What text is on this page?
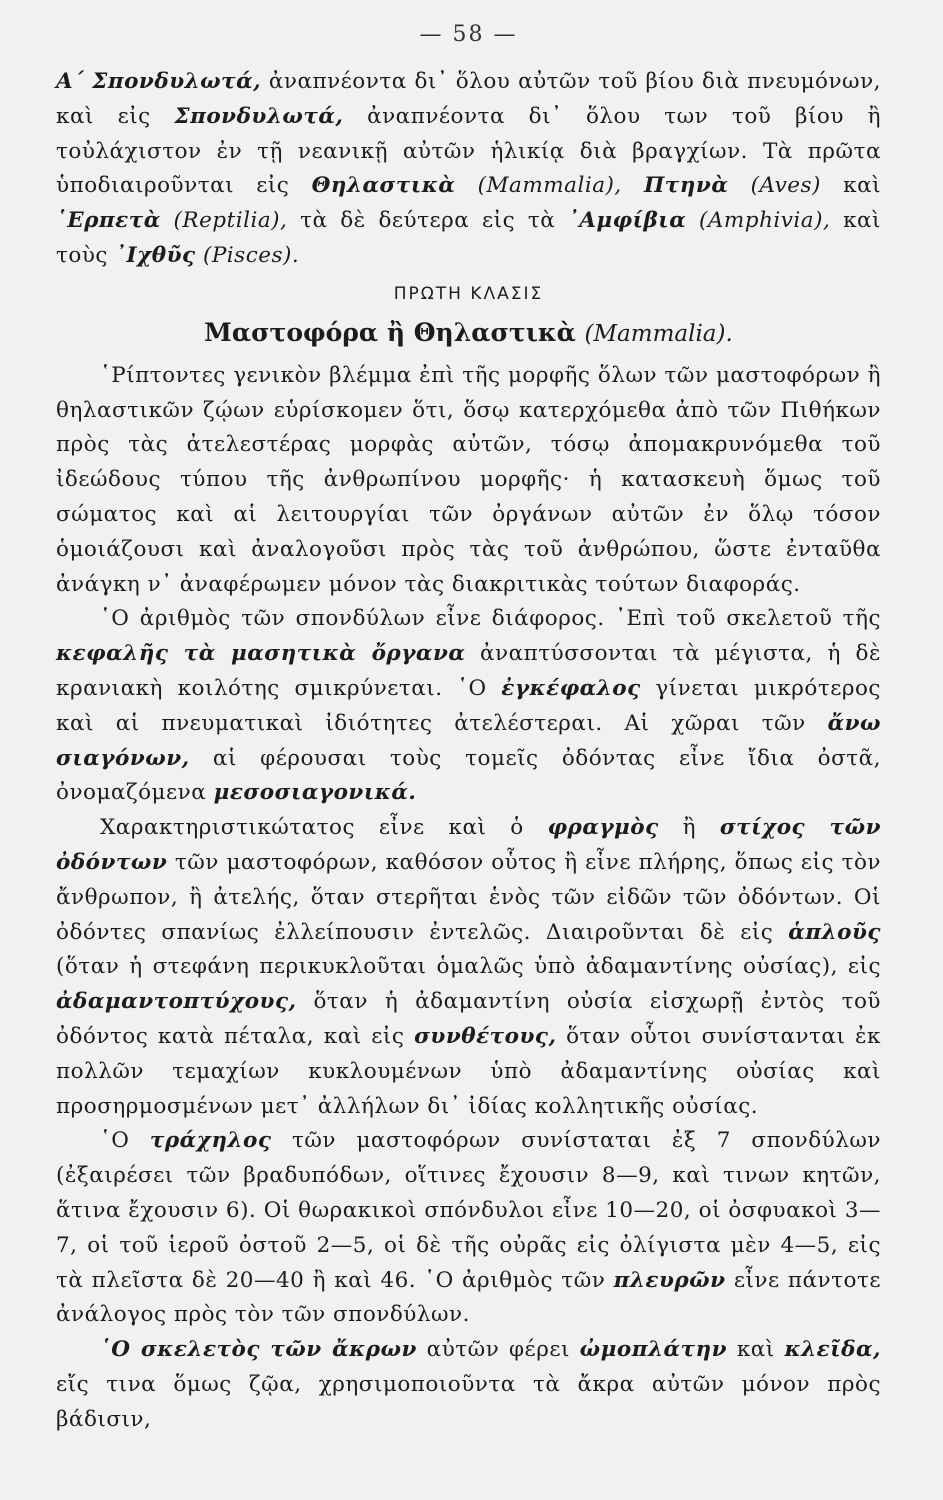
— 58 —

Α΄ Σπονδυλωτά, ἀναπνέοντα δι᾽ ὅλου αὐτῶν τοῦ βίου διὰ πνευμόνων, καὶ εἰς Σπονδυλωτά, ἀναπνέοντα δι᾽ ὅλου των τοῦ βίου ἢ τοὐλάχιστον ἐν τῇ νεανικῇ αὐτῶν ἡλικίᾳ διὰ βραγχίων. Τὰ πρῶτα ὑποδιαιροῦνται εἰς Θηλαστικὰ (Mammalia), Πτηνὰ (Aves) καὶ ῾Ερπετὰ (Reptilia), τὰ δὲ δεύτερα εἰς τὰ ᾽Αμφίβια (Amphivia), καὶ τοὺς ᾽Ιχθῦς (Pisces).

ΠΡΩΤΗ ΚΛΑΣΙΣ
Μαστοφόρα ἢ Θηλαστικὰ (Mammalia).

῾Ρίπτοντες γενικὸν βλέμμα ἐπὶ τῆς μορφῆς ὅλων τῶν μαστοφόρων ἢ θηλαστικῶν ζῴων εὑρίσκομεν ὅτι, ὅσῳ κατερχόμεθα ἀπὸ τῶν Πιθήκων πρὸς τὰς ἀτελεστέρας μορφὰς αὐτῶν, τόσῳ ἀπομακρυνόμεθα τοῦ ἰδεώδους τύπου τῆς ἀνθρωπίνου μορφῆς· ἡ κατασκευὴ ὅμως τοῦ σώματος καὶ αἱ λειτουργίαι τῶν ὀργάνων αὐτῶν ἐν ὅλῳ τόσον ὁμοιάζουσι καὶ ἀναλογοῦσι πρὸς τὰς τοῦ ἀνθρώπου, ὥστε ἐνταῦθα ἀνάγκη ν᾽ ἀναφέρωμεν μόνον τὰς διακριτικὰς τούτων διαφοράς.

῾Ο ἀριθμὸς τῶν σπονδύλων εἶνε διάφορος. ᾽Επὶ τοῦ σκελετοῦ τῆς κεφαλῆς τὰ μασητικὰ ὄργανα ἀναπτύσσονται τὰ μέγιστα, ἡ δὲ κρανιακὴ κοιλότης σμικρύνεται. ῾Ο ἐγκέφαλος γίνεται μικρότερος καὶ αἱ πνευματικαὶ ἰδιότητες ἀτελέστεραι. Αἱ χῶραι τῶν ἄνω σιαγόνων, αἱ φέρουσαι τοὺς τομεῖς ὀδόντας εἶνε ἴδια ὀστᾶ, ὀνομαζόμενα μεσοσιαγονικά.

Χαρακτηριστικώτατος εἶνε καὶ ὁ φραγμὸς ἢ στίχος τῶν ὀδόντων τῶν μαστοφόρων, καθόσον οὗτος ἢ εἶνε πλήρης, ὅπως εἰς τὸν ἄνθρωπον, ἢ ἀτελής, ὅταν στερῆται ἑνὸς τῶν εἰδῶν τῶν ὀδόντων. Οἱ ὀδόντες σπανίως ἐλλείπουσιν ἐντελῶς. Διαιροῦνται δὲ εἰς ἁπλοῦς (ὅταν ἡ στεφάνη περικυκλοῦται ὁμαλῶς ὑπὸ ἀδαμαντίνης οὐσίας), εἰς ἀδαμαντοπτύχους, ὅταν ἡ ἀδαμαντίνη οὐσία εἰσχωρῇ ἐντὸς τοῦ ὀδόντος κατὰ πέταλα, καὶ εἰς συνθέτους, ὅταν οὗτοι συνίστανται ἐκ πολλῶν τεμαχίων κυκλουμένων ὑπὸ ἀδαμαντίνης οὐσίας καὶ προσηρμοσμένων μετ᾽ ἀλλήλων δι᾽ ἰδίας κολλητικῆς οὐσίας.

῾Ο τράχηλος τῶν μαστοφόρων συνίσταται ἐξ 7 σπονδύλων (ἐξαιρέσει τῶν βραδυπόδων, οἵτινες ἔχουσιν 8—9, καὶ τινων κητῶν, ἅτινα ἔχουσιν 6). Οἱ θωρακικοὶ σπόνδυλοι εἶνε 10—20, οἱ ὀσφυακοὶ 3—7, οἱ τοῦ ἱεροῦ ὀστοῦ 2—5, οἱ δὲ τῆς οὐρᾶς εἰς ὀλίγιστα μὲν 4—5, εἰς τὰ πλεῖστα δὲ 20—40 ἢ καὶ 46. ῾Ο ἀριθμὸς τῶν πλευρῶν εἶνε πάντοτε ἀνάλογος πρὸς τὸν τῶν σπονδύλων.

῾Ο σκελετὸς τῶν ἄκρων αὐτῶν φέρει ὠμοπλάτην καὶ κλεῖδα, εἴς τινα ὅμως ζῷα, χρησιμοποιοῦντα τὰ ἄκρα αὐτῶν μόνον πρὸς βάδισιν,
